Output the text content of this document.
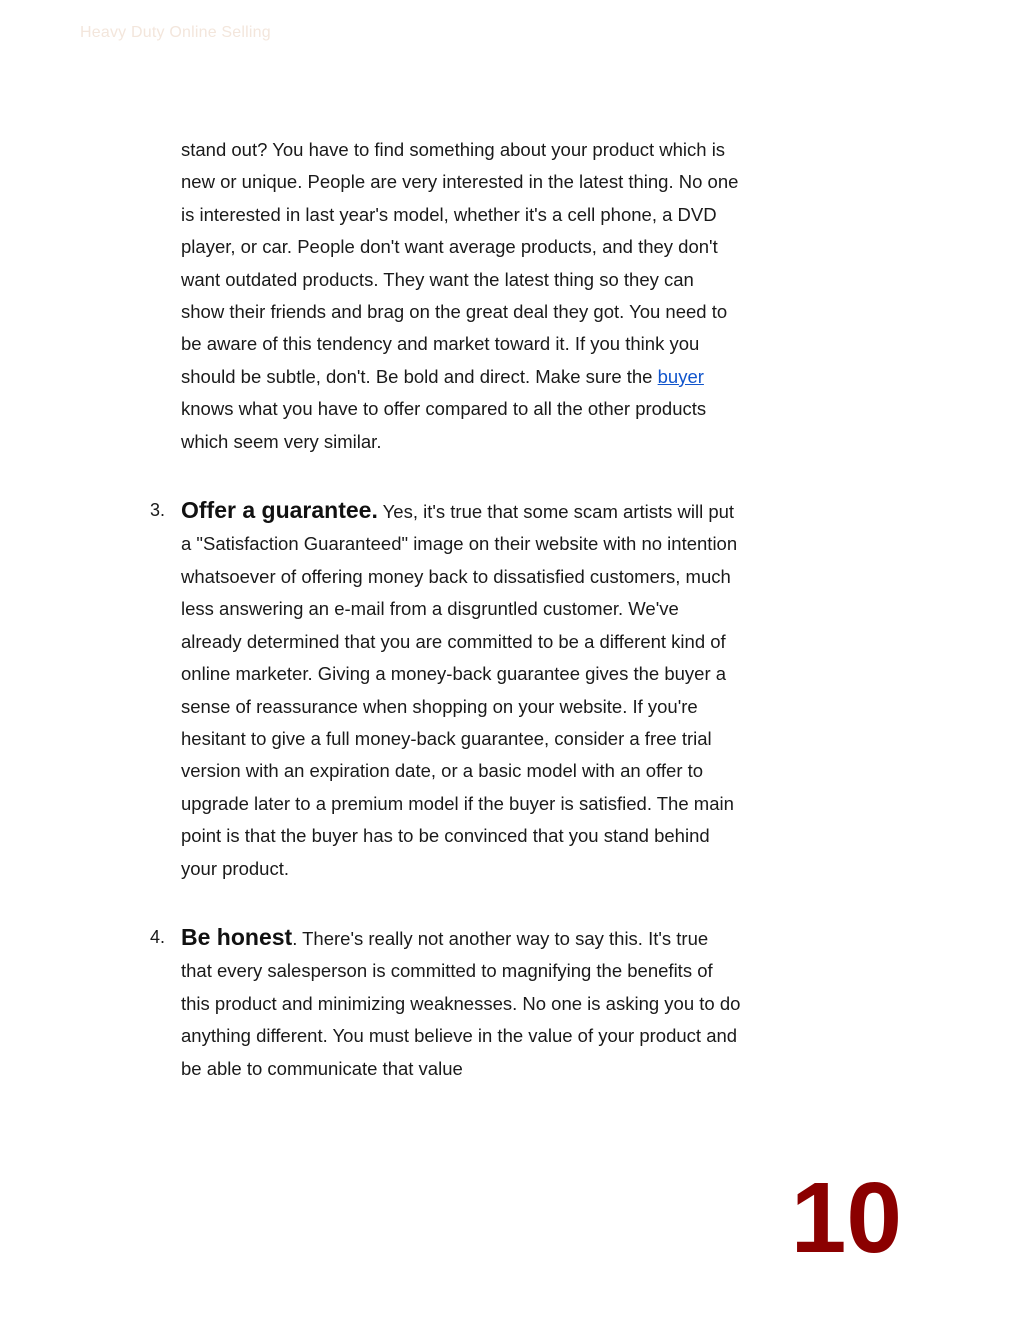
Heavy Duty Online Selling

stand out? You have to find something about your product which is new or unique. People are very interested in the latest thing. No one is interested in last year's model, whether it's a cell phone, a DVD player, or car. People don't want average products, and they don't want outdated products. They want the latest thing so they can show their friends and brag on the great deal they got. You need to be aware of this tendency and market toward it. If you think you should be subtle, don't. Be bold and direct. Make sure the buyer knows what you have to offer compared to all the other products which seem very similar.

3. Offer a guarantee. Yes, it's true that some scam artists will put a "Satisfaction Guaranteed" image on their website with no intention whatsoever of offering money back to dissatisfied customers, much less answering an e-mail from a disgruntled customer. We've already determined that you are committed to be a different kind of online marketer. Giving a money-back guarantee gives the buyer a sense of reassurance when shopping on your website. If you're hesitant to give a full money-back guarantee, consider a free trial version with an expiration date, or a basic model with an offer to upgrade later to a premium model if the buyer is satisfied. The main point is that the buyer has to be convinced that you stand behind your product.

4. Be honest. There's really not another way to say this. It's true that every salesperson is committed to magnifying the benefits of this product and minimizing weaknesses. No one is asking you to do anything different. You must believe in the value of your product and be able to communicate that value

10
